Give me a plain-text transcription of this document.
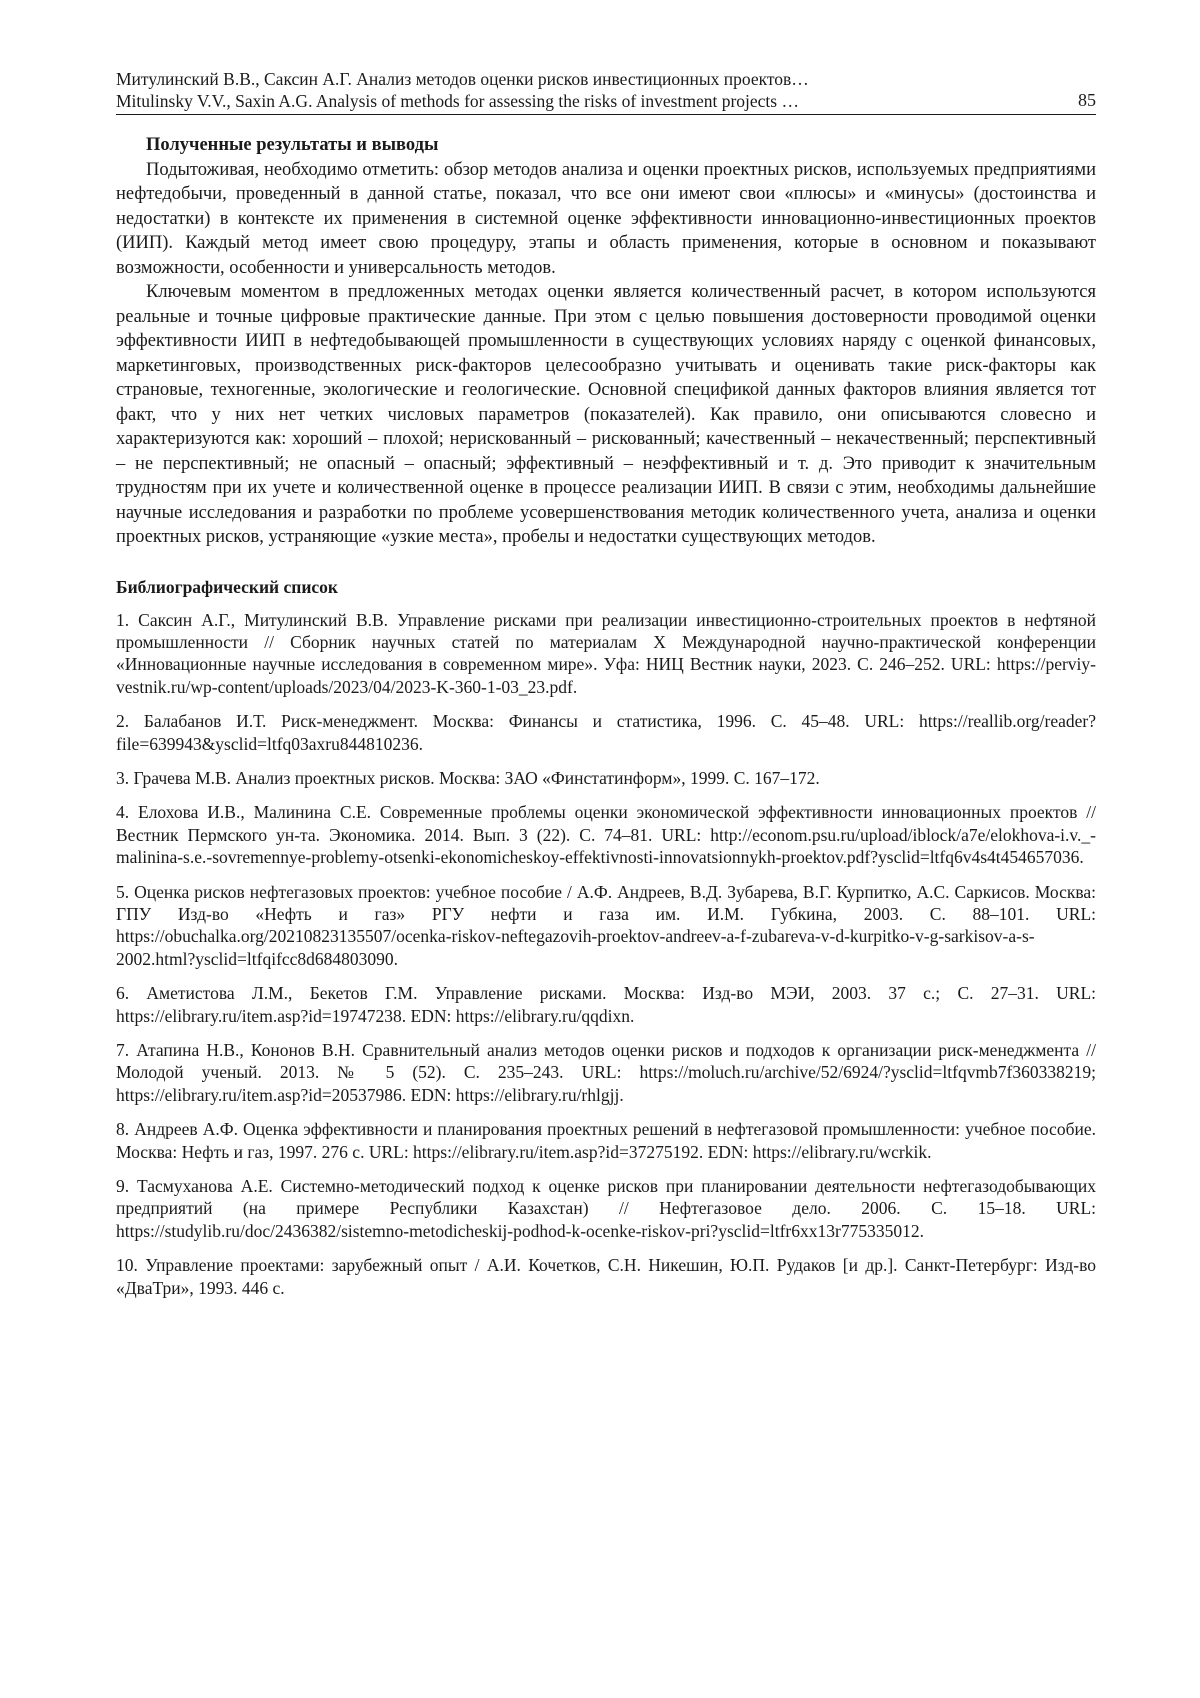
Митулинский В.В., Саксин А.Г. Анализ методов оценки рисков инвестиционных проектов…
Mitulinsky V.V., Saxin A.G. Analysis of methods for assessing the risks of investment projects …	85
Полученные результаты и выводы

Подытоживая, необходимо отметить: обзор методов анализа и оценки проектных рисков, используемых предприятиями нефтедобычи, проведенный в данной статье, показал, что все они имеют свои «плюсы» и «минусы» (достоинства и недостатки) в контексте их применения в системной оценке эффективности инновационно-инвестиционных проектов (ИИП). Каждый метод имеет свою процедуру, этапы и область применения, которые в основном и показывают возможности, особенности и универсальность методов.

Ключевым моментом в предложенных методах оценки является количественный расчет, в котором используются реальные и точные цифровые практические данные. При этом с целью повышения достоверности проводимой оценки эффективности ИИП в нефтедобывающей промышленности в существующих условиях наряду с оценкой финансовых, маркетинговых, производственных риск-факторов целесообразно учитывать и оценивать такие риск-факторы как страновые, техногенные, экологические и геологические. Основной спецификой данных факторов влияния является тот факт, что у них нет четких числовых параметров (показателей). Как правило, они описываются словесно и характеризуются как: хороший – плохой; нерискованный – рискованный; качественный – некачественный; перспективный – не перспективный; не опасный – опасный; эффективный – неэффективный и т. д. Это приводит к значительным трудностям при их учете и количественной оценке в процессе реализации ИИП. В связи с этим, необходимы дальнейшие научные исследования и разработки по проблеме усовершенствования методик количественного учета, анализа и оценки проектных рисков, устраняющие «узкие места», пробелы и недостатки существующих методов.

Библиографический список
1. Саксин А.Г., Митулинский В.В. Управление рисками при реализации инвестиционно-строительных проектов в нефтяной промышленности // Сборник научных статей по материалам X Международной научно-практической конференции «Инновационные научные исследования в современном мире». Уфа: НИЦ Вестник науки, 2023. С. 246–252. URL: https://perviy-vestnik.ru/wp-content/uploads/2023/04/2023-K-360-1-03_23.pdf.
2. Балабанов И.Т. Риск-менеджмент. Москва: Финансы и статистика, 1996. С. 45–48. URL: https://reallib.org/reader?file=639943&ysclid=ltfq03axru844810236.
3. Грачева М.В. Анализ проектных рисков. Москва: ЗАО «Финстатинформ», 1999. С. 167–172.
4. Елохова И.В., Малинина С.Е. Современные проблемы оценки экономической эффективности инновационных проектов // Вестник Пермского ун-та. Экономика. 2014. Вып. 3 (22). С. 74–81. URL: http://econom.psu.ru/upload/iblock/a7e/elokhova-i.v._-malinina-s.e.-sovremennye-problemy-otsenki-ekonomicheskoy-effektivnosti-innovatsionnykh-proektov.pdf?ysclid=ltfq6v4s4t454657036.
5. Оценка рисков нефтегазовых проектов: учебное пособие / А.Ф. Андреев, В.Д. Зубарева, В.Г. Курпитко, А.С. Саркисов. Москва: ГПУ Изд-во «Нефть и газ» РГУ нефти и газа им. И.М. Губкина, 2003. С. 88–101. URL: https://obuchalka.org/20210823135507/ocenka-riskov-neftegazovih-proektov-andreev-a-f-zubareva-v-d-kurpitko-v-g-sarkisov-a-s-2002.html?ysclid=ltfqifcc8d684803090.
6. Аметистова Л.М., Бекетов Г.М. Управление рисками. Москва: Изд-во МЭИ, 2003. 37 с.; С. 27–31. URL: https://elibrary.ru/item.asp?id=19747238. EDN: https://elibrary.ru/qqdixn.
7. Атапина Н.В., Кононов В.Н. Сравнительный анализ методов оценки рисков и подходов к организации риск-менеджмента // Молодой ученый. 2013. № 5 (52). С. 235–243. URL: https://moluch.ru/archive/52/6924/?ysclid=ltfqvmb7f360338219; https://elibrary.ru/item.asp?id=20537986. EDN: https://elibrary.ru/rhlgjj.
8. Андреев А.Ф. Оценка эффективности и планирования проектных решений в нефтегазовой промышленности: учебное пособие. Москва: Нефть и газ, 1997. 276 с. URL: https://elibrary.ru/item.asp?id=37275192. EDN: https://elibrary.ru/wcrkik.
9. Тасмуханова А.Е. Системно-методический подход к оценке рисков при планировании деятельности нефтегазодобывающих предприятий (на примере Республики Казахстан) // Нефтегазовое дело. 2006. С. 15–18. URL: https://studylib.ru/doc/2436382/sistemno-metodicheskij-podhod-k-ocenke-riskov-pri?ysclid=ltfr6xx13r775335012.
10. Управление проектами: зарубежный опыт / А.И. Кочетков, С.Н. Никешин, Ю.П. Рудаков [и др.]. Санкт-Петербург: Изд-во «ДваТри», 1993. 446 с.
